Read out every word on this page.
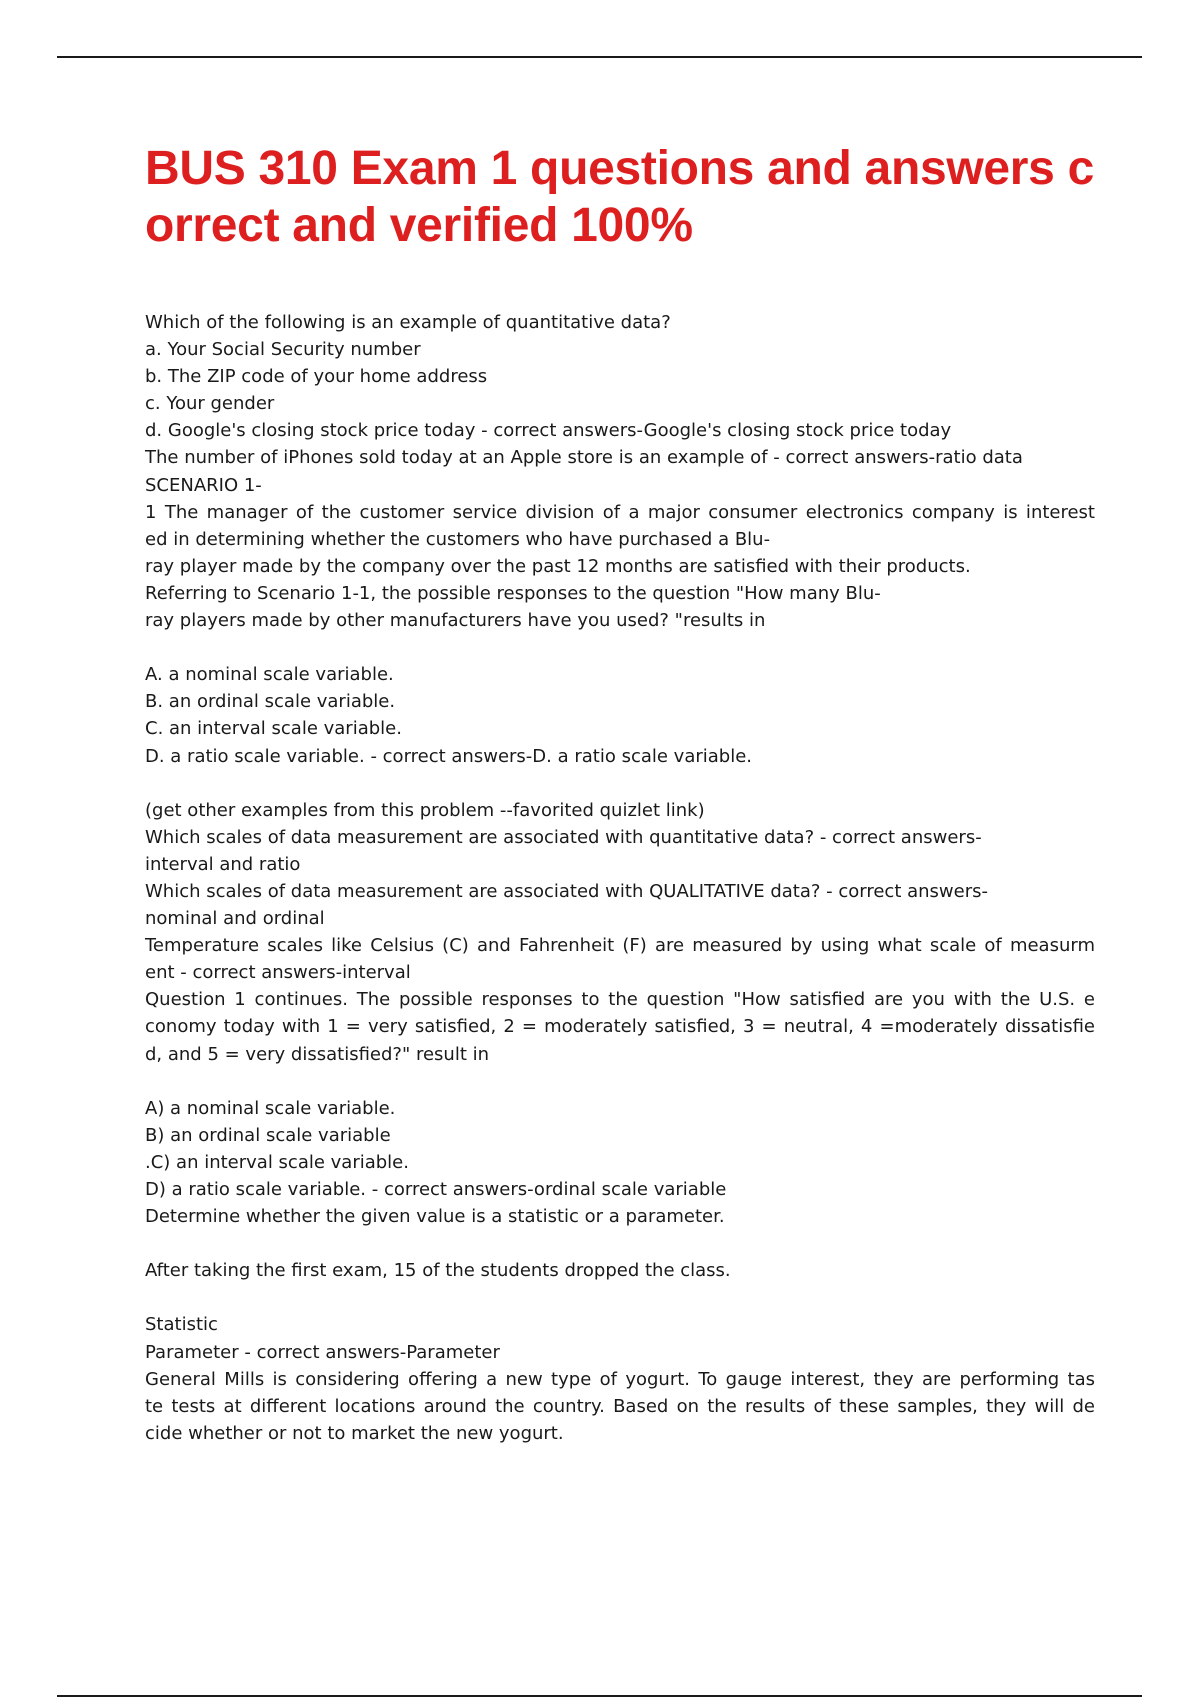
BUS 310 Exam 1 questions and answers c
orrect and verified 100%
Which of the following is an example of quantitative data?
a. Your Social Security number
b. The ZIP code of your home address
c. Your gender
d. Google's closing stock price today - correct answers-Google's closing stock price today
The number of iPhones sold today at an Apple store is an example of - correct answers-ratio data
SCENARIO 1-
1 The manager of the customer service division of a major consumer electronics company is interest
ed in determining whether the customers who have purchased a Blu-
ray player made by the company over the past 12 months are satisfied with their products.
Referring to Scenario 1-1, the possible responses to the question "How many Blu-
ray players made by other manufacturers have you used? "results in
A. a nominal scale variable.
B. an ordinal scale variable.
C. an interval scale variable.
D. a ratio scale variable. - correct answers-D. a ratio scale variable.
(get other examples from this problem --favorited quizlet link)
Which scales of data measurement are associated with quantitative data? - correct answers-
interval and ratio
Which scales of data measurement are associated with QUALITATIVE data? - correct answers-
nominal and ordinal
Temperature scales like Celsius (C) and Fahrenheit (F) are measured by using what scale of measurm
ent - correct answers-interval
Question 1 continues. The possible responses to the question "How satisfied are you with the U.S. e
conomy today with 1 = very satisfied, 2 = moderately satisfied, 3 = neutral, 4 =moderately dissatisfie
d, and 5 = very dissatisfied?" result in
A) a nominal scale variable.
B) an ordinal scale variable
.C) an interval scale variable.
D) a ratio scale variable. - correct answers-ordinal scale variable
Determine whether the given value is a statistic or a parameter.
After taking the first exam, 15 of the students dropped the class.
Statistic
Parameter - correct answers-Parameter
General Mills is considering offering a new type of yogurt. To gauge interest, they are performing tas
te tests at different locations around the country. Based on the results of these samples, they will de
cide whether or not to market the new yogurt.
